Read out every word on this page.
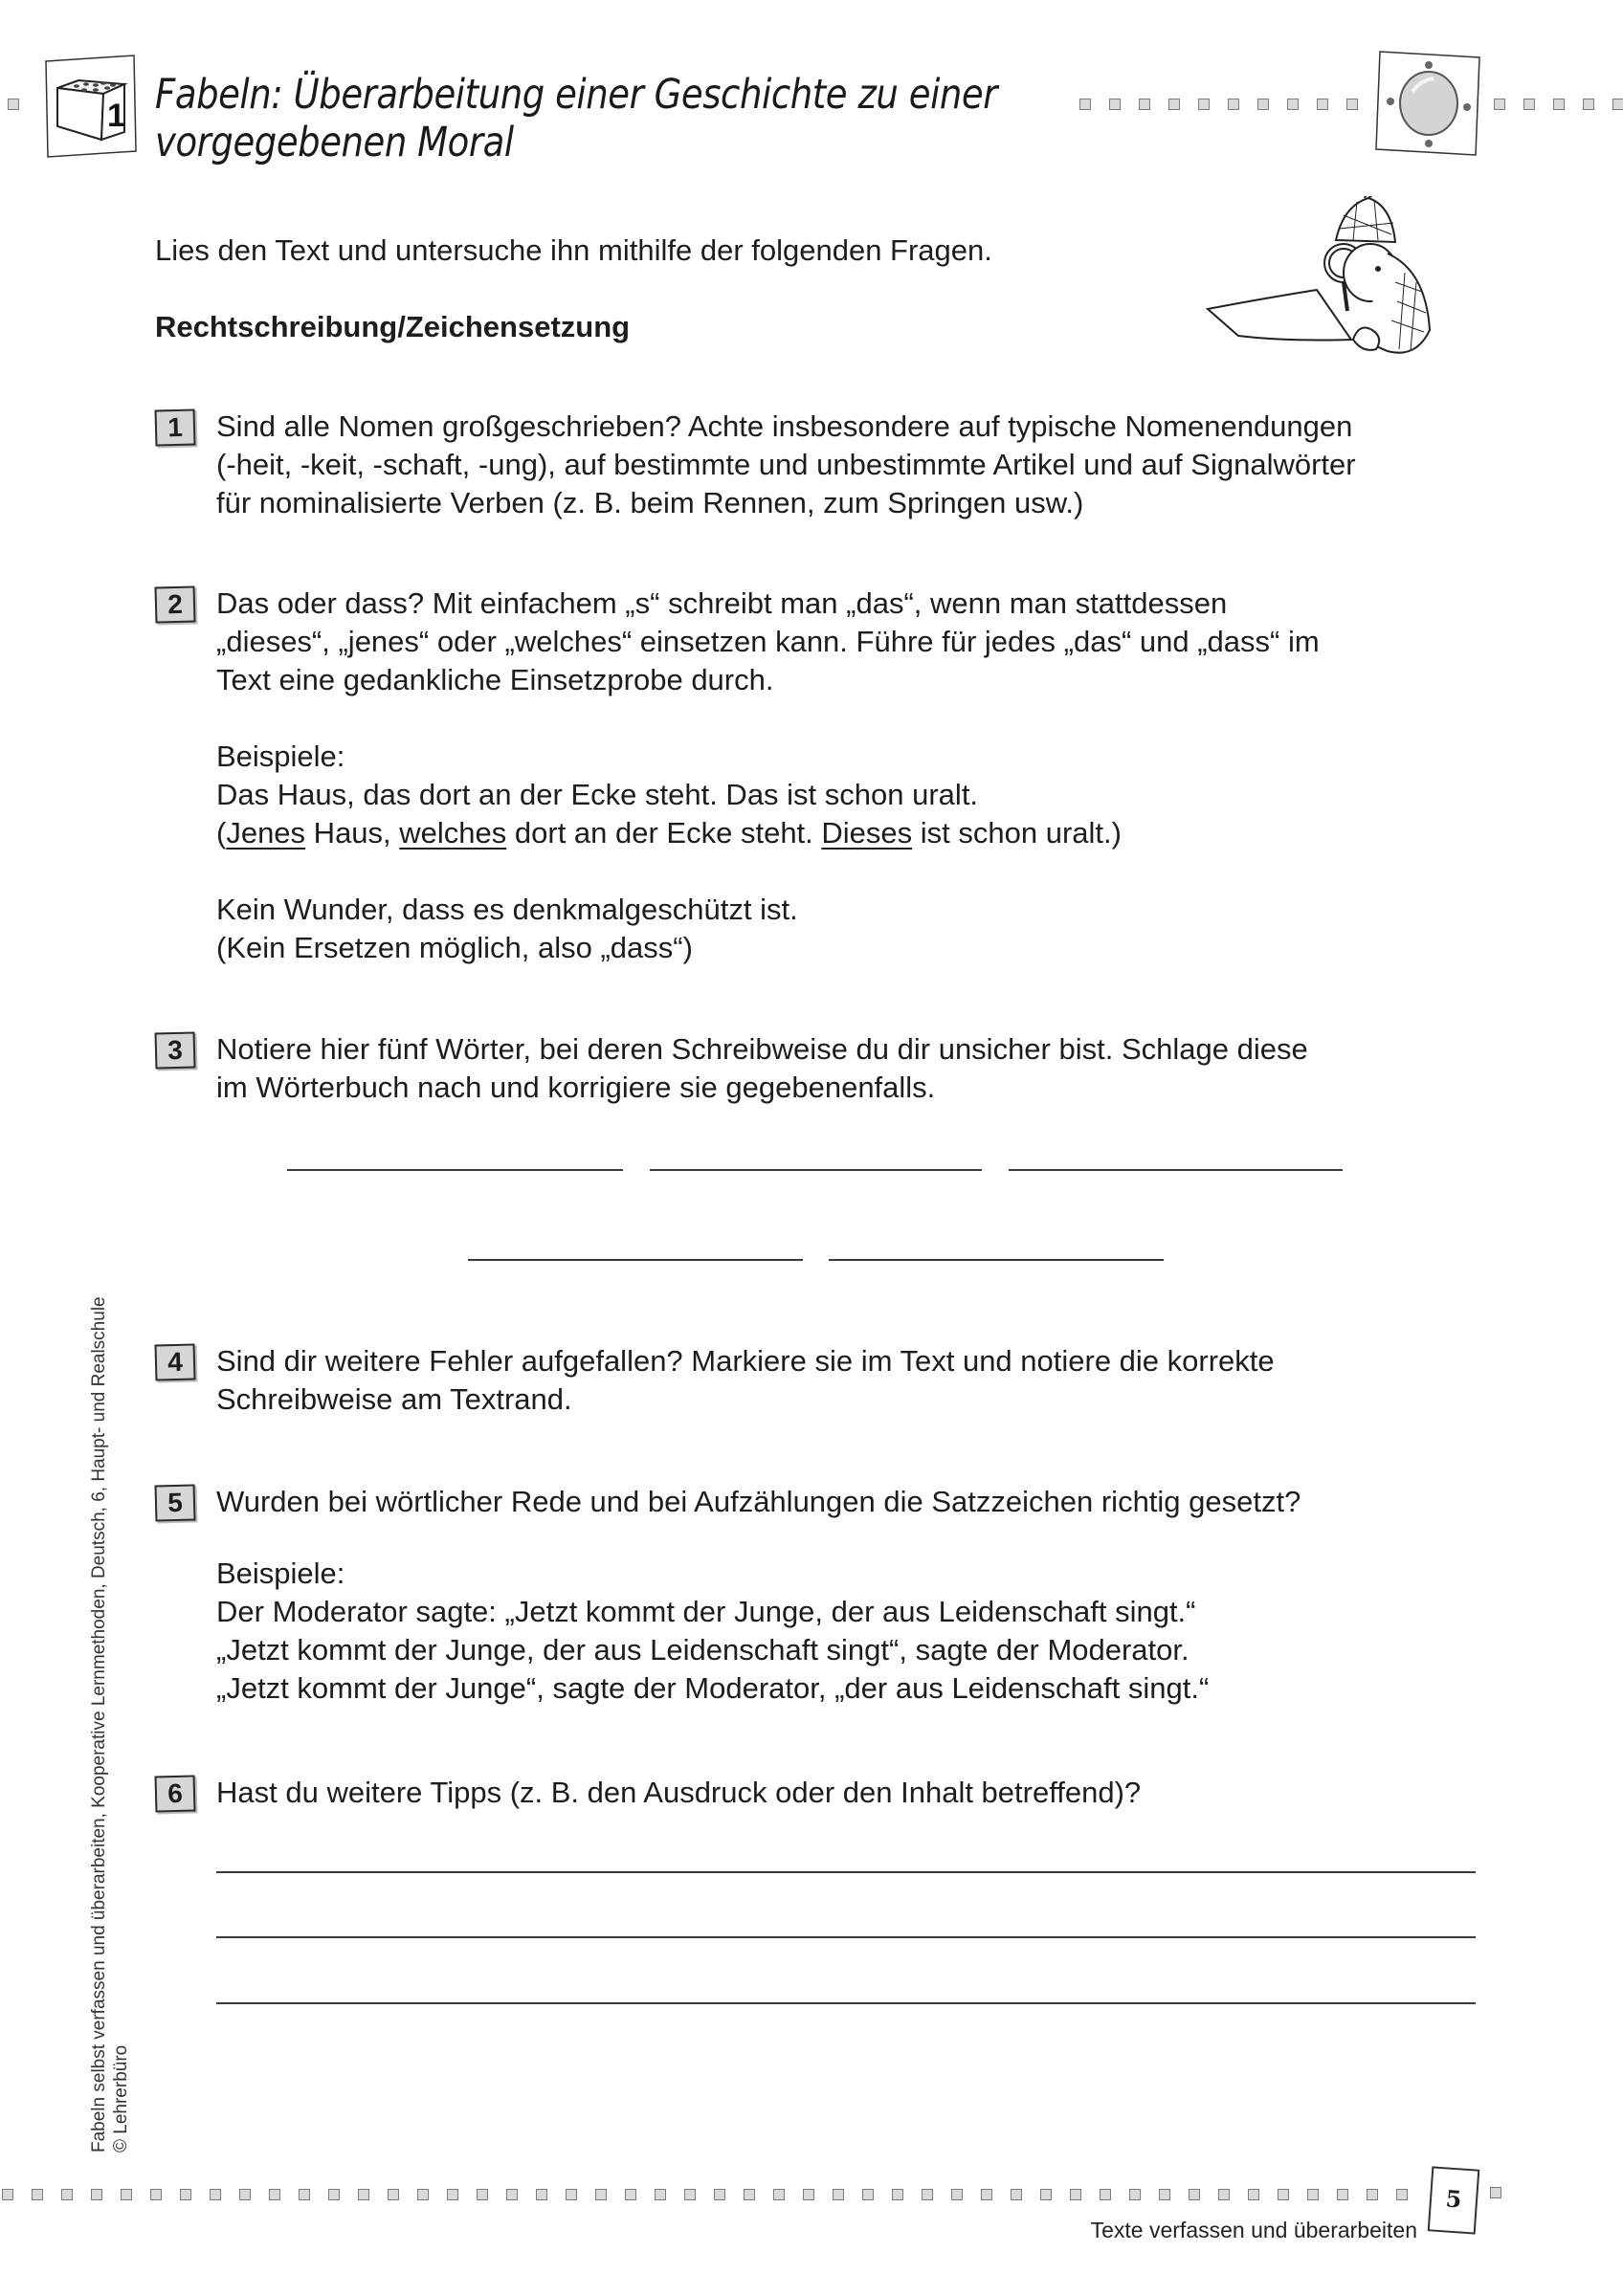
1 Fabeln: Überarbeitung einer Geschichte zu einer
vorgegebenen Moral
Lies den Text und untersuche ihn mithilfe der folgenden Fragen.
Rechtschreibung/Zeichensetzung
1	Sind alle Nomen großgeschrieben? Achte insbesondere auf typische Nomenendungen
(-heit, -keit, -schaft, -ung), auf bestimmte und unbestimmte Artikel und auf Signalwörter
für nominalisierte Verben (z. B. beim Rennen, zum Springen usw.)
2	Das oder dass? Mit einfachem „s“ schreibt man „das“, wenn man stattdessen
„dieses“, „jenes“ oder „welches“ einsetzen kann. Führe für jedes „das“ und „dass“ im
Text eine gedankliche Einsetzprobe durch.
Beispiele:
Das Haus, das dort an der Ecke steht. Das ist schon uralt.
(Jenes Haus, welches dort an der Ecke steht. Dieses ist schon uralt.)
Kein Wunder, dass es denkmalgeschützt ist.
(Kein Ersetzen möglich, also „dass“)
3	Notiere hier fünf Wörter, bei deren Schreibweise du dir unsicher bist. Schlage diese
im Wörterbuch nach und korrigiere sie gegebenenfalls.
4	Sind dir weitere Fehler aufgefallen? Markiere sie im Text und notiere die korrekte
Schreibweise am Textrand.
5	Wurden bei wörtlicher Rede und bei Aufzählungen die Satzzeichen richtig gesetzt?
Beispiele:
Der Moderator sagte: „Jetzt kommt der Junge, der aus Leidenschaft singt.“
„Jetzt kommt der Junge, der aus Leidenschaft singt“, sagte der Moderator.
„Jetzt kommt der Junge“, sagte der Moderator, „der aus Leidenschaft singt.“
6	Hast du weitere Tipps (z. B. den Ausdruck oder den Inhalt betreffend)?
Fabeln selbst verfassen und überarbeiten, Kooperative Lernmethoden, Deutsch, 6, Haupt- und Realschule © Lehrerbüro
5
Texte verfassen und überarbeiten
